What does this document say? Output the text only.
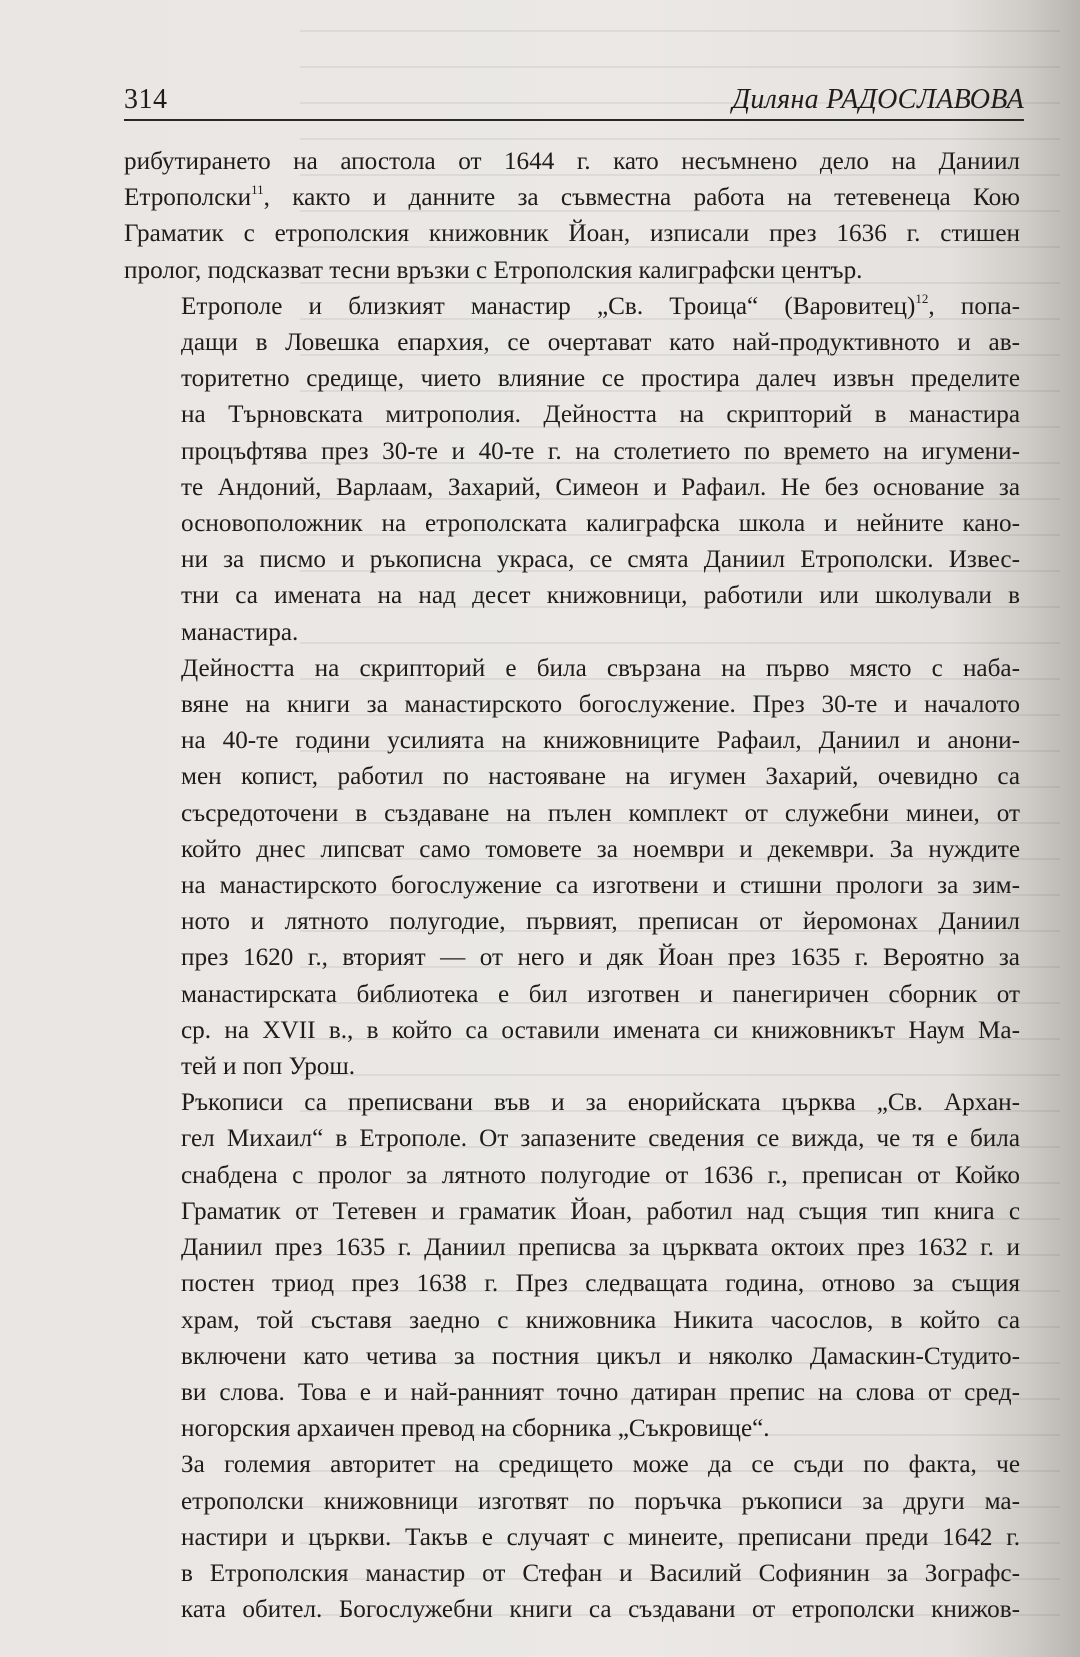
314	Диляна РАДОСЛАВОВА

рибутирането на апостола от 1644 г. като несъмнено дело на Даниил
Етрополски$^{11}$, както и данните за съвместна работа на тетевенеца Кою
Граматик с етрополския книжовник Йоан, изписали през 1636 г. стишен
пролог, подсказват тесни връзки с Етрополския калиграфски център.

Етрополе и близкият манастир „Св. Троица“ (Варовитец)$^{12}$, попа-
дащи в Ловешка епархия, се очертават като най-продуктивното и ав-
торитетно средище, чието влияние се простира далеч извън пределите
на Търновската митрополия. Дейността на скрипторий в манастира
процъфтява през 30-те и 40-те г. на столетието по времето на игумени-
те Андоний, Варлаам, Захарий, Симеон и Рафаил. Не без основание за
основоположник на етрополската калиграфска школа и нейните кано-
ни за писмо и ръкописна украса, се смята Даниил Етрополски. Извес-
тни са имената на над десет книжовници, работили или школували в
манастира.

Дейността на скрипторий е била свързана на първо място с наба-
вяне на книги за манастирското богослужение. През 30-те и началото
на 40-те години усилията на книжовниците Рафаил, Даниил и анони-
мен копист, работил по настояване на игумен Захарий, очевидно са
съсредоточени в създаване на пълен комплект от служебни минеи, от
който днес липсват само томовете за ноември и декември. За нуждите
на манастирското богослужение са изготвени и стишни прологи за зим-
ното и лятното полугодие, първият, преписан от йеромонах Даниил
през 1620 г., вторият — от него и дяк Йоан през 1635 г. Вероятно за
манастирската библиотека е бил изготвен и панегиричен сборник от
ср. на XVII в., в който са оставили имената си книжовникът Наум Ма-
тей и поп Урош.

Ръкописи са преписвани във и за енорийската църква „Св. Архан-
гел Михаил“ в Етрополе. От запазените сведения се вижда, че тя е била
снабдена с пролог за лятното полугодие от 1636 г., преписан от Койко
Граматик от Тетевен и граматик Йоан, работил над същия тип книга с
Даниил през 1635 г. Даниил преписва за църквата октоих през 1632 г. и
постен триод през 1638 г. През следващата година, отново за същия
храм, той съставя заедно с книжовника Никита часослов, в който са
включени като четива за постния цикъл и няколко Дамаскин-Студито-
ви слова. Това е и най-ранният точно датиран препис на слова от сред-
ногорския архаичен превод на сборника „Съкровище“.

За големия авторитет на средището може да се съди по факта, че
етрополски книжовници изготвят по поръчка ръкописи за други ма-
настири и църкви. Такъв е случаят с минеите, преписани преди 1642 г.
в Етрополския манастир от Стефан и Василий Софиянин за Зографс-
ката обител. Богослужебни книги са създавани от етрополски книжов-
